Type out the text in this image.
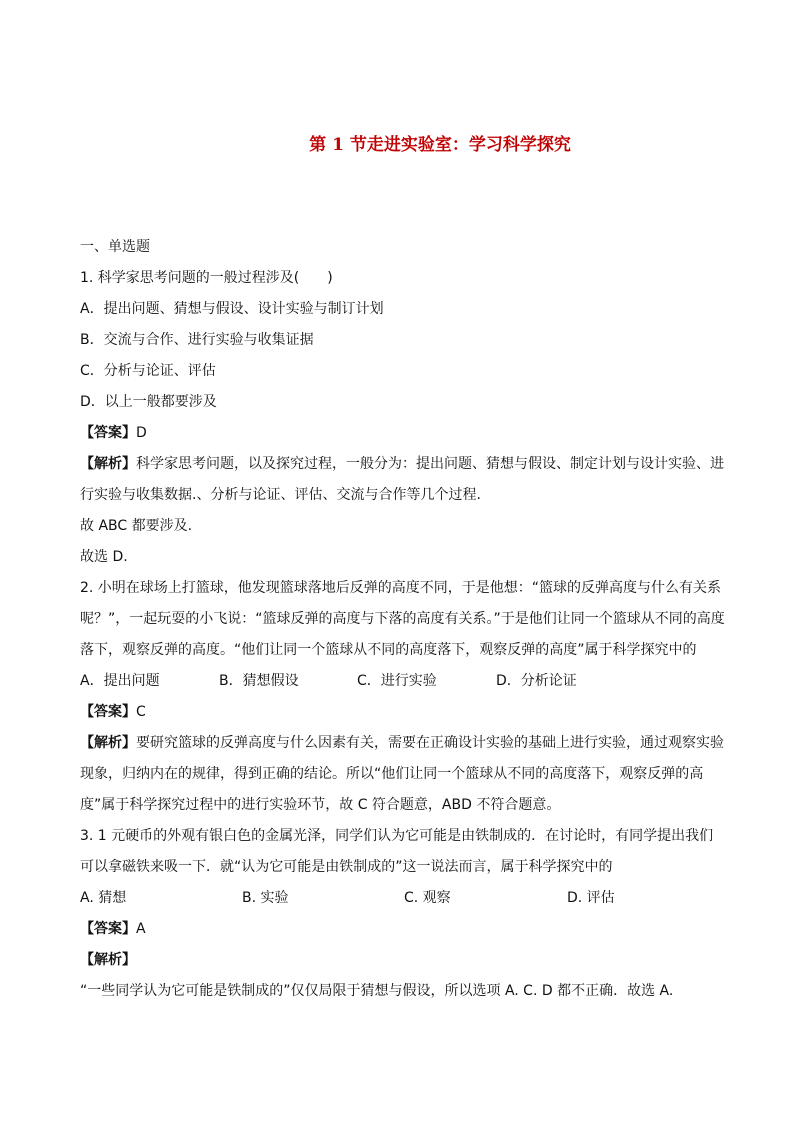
第 1 节走进实验室：学习科学探究
一、单选题
1. 科学家思考问题的一般过程涉及(　　)
A．提出问题、猜想与假设、设计实验与制订计划
B．交流与合作、进行实验与收集证据
C．分析与论证、评估
D．以上一般都要涉及
【答案】D
【解析】科学家思考问题，以及探究过程，一般分为：提出问题、猜想与假设、制定计划与设计实验、进行实验与收集数据.、分析与论证、评估、交流与合作等几个过程.
故 ABC 都要涉及.
故选 D.
2. 小明在球场上打篮球，他发现篮球落地后反弹的高度不同，于是他想：“篮球的反弹高度与什么有关系呢？”，一起玩耍的小飞说：“篮球反弹的高度与下落的高度有关系。”于是他们让同一个篮球从不同的高度落下，观察反弹的高度。“他们让同一个篮球从不同的高度落下，观察反弹的高度”属于科学探究中的
A．提出问题	B．猜想假设	C．进行实验	D．分析论证
【答案】C
【解析】要研究篮球的反弹高度与什么因素有关，需要在正确设计实验的基础上进行实验，通过观察实验现象，归纳内在的规律，得到正确的结论。所以“他们让同一个篮球从不同的高度落下，观察反弹的高度”属于科学探究过程中的进行实验环节，故 C 符合题意，ABD 不符合题意。
3. 1 元硬币的外观有银白色的金属光泽，同学们认为它可能是由铁制成的．在讨论时，有同学提出我们可以拿磁铁来吸一下．就“认为它可能是由铁制成的”这一说法而言，属于科学探究中的
A. 猜想	B. 实验	C. 观察	D. 评估
【答案】A
【解析】
“一些同学认为它可能是铁制成的”仅仅局限于猜想与假设，所以选项 A. C. D 都不正确．故选 A.
